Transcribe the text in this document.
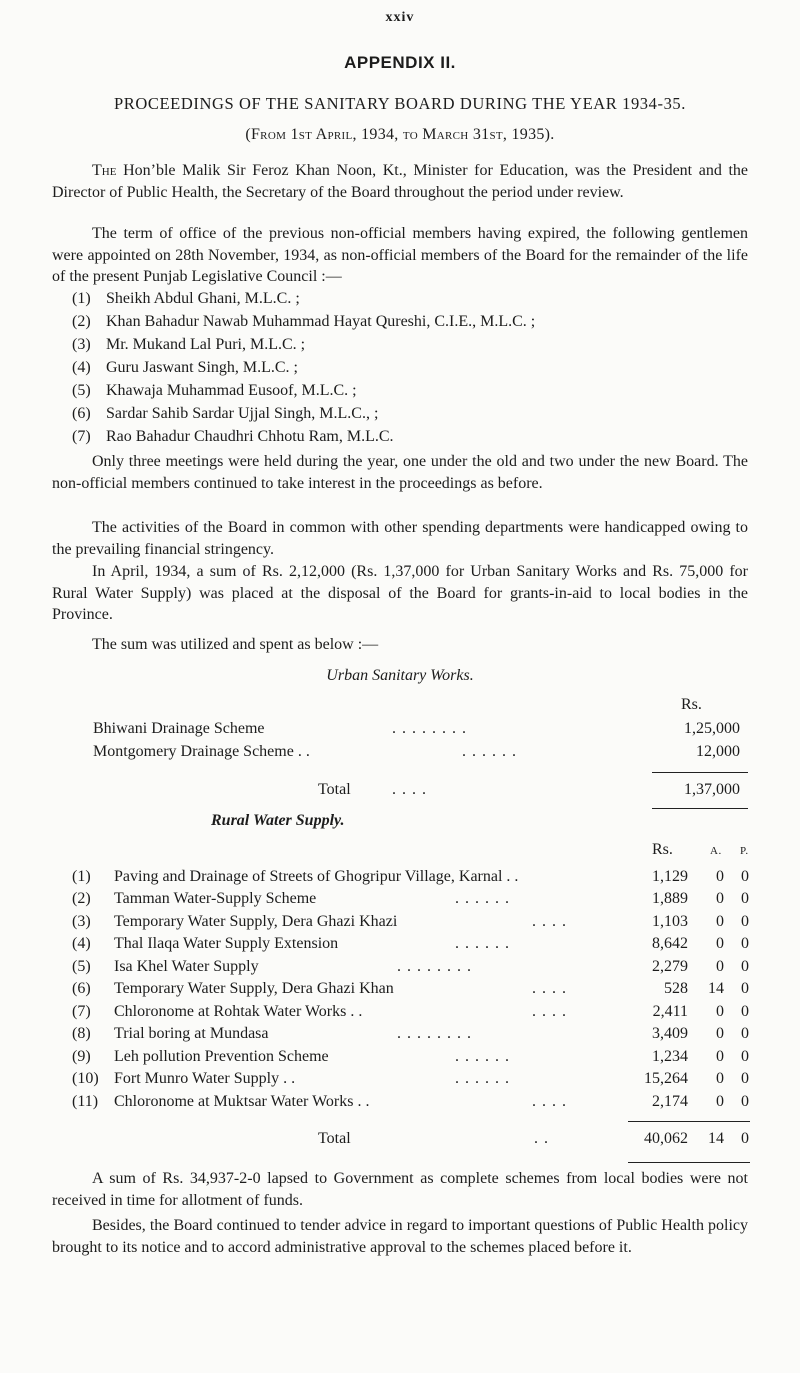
xxiv
APPENDIX II.
PROCEEDINGS OF THE SANITARY BOARD DURING THE YEAR 1934-35.
(From 1st April, 1934, to March 31st, 1935).

The Hon’ble Malik Sir Feroz Khan Noon, Kt., Minister for Education, was the President and the Director of Public Health, the Secretary of the Board throughout the period under review.

The term of office of the previous non-official members having expired, the following gentlemen were appointed on 28th November, 1934, as non-official members of the Board for the remainder of the life of the present Punjab Legislative Council :—

(1) Sheikh Abdul Ghani, M.L.C. ;
(2) Khan Bahadur Nawab Muhammad Hayat Qureshi, C.I.E., M.L.C. ;
(3) Mr. Mukand Lal Puri, M.L.C. ;
(4) Guru Jaswant Singh, M.L.C. ;
(5) Khawaja Muhammad Eusoof, M.L.C. ;
(6) Sardar Sahib Sardar Ujjal Singh, M.L.C., ;
(7) Rao Bahadur Chaudhri Chhotu Ram, M.L.C.

Only three meetings were held during the year, one under the old and two under the new Board. The non-official members continued to take interest in the proceedings as before.

The activities of the Board in common with other spending departments were handicapped owing to the prevailing financial stringency.

In April, 1934, a sum of Rs. 2,12,000 (Rs. 1,37,000 for Urban Sanitary Works and Rs. 75,000 for Rural Water Supply) was placed at the disposal of the Board for grants-in-aid to local bodies in the Province.

The sum was utilized and spent as below :—

Urban Sanitary Works.
Rs.
Bhiwani Drainage Scheme	. . . . . . . .	1,25,000
Montgomery Drainage Scheme . .	. . . . . .	12,000
Total	. . . .	1,37,000
Rural Water Supply.
Rs.	A. P.
(1) Paving and Drainage of Streets of Ghogripur Village, Karnal . .	1,129	0	0
(2) Tamman Water-Supply Scheme	. . . . . .	1,889	0	0
(3) Temporary Water Supply, Dera Ghazi Khazi	. . . .	1,103	0	0
(4) Thal Ilaqa Water Supply Extension	. . . . . .	8,642	0	0
(5) Isa Khel Water Supply	. . . . . . . .	2,279	0	0
(6) Temporary Water Supply, Dera Ghazi Khan	. . . .	528	14	0
(7) Chloronome at Rohtak Water Works . .	. . . .	2,411	0	0
(8) Trial boring at Mundasa	. . . . . . . .	3,409	0	0
(9) Leh pollution Prevention Scheme	. . . . . .	1,234	0	0
(10) Fort Munro Water Supply . .	. . . . . .	15,264	0	0
(11) Chloronome at Muktsar Water Works . .	. . . .	2,174	0	0
Total	. .	40,062	14	0

A sum of Rs. 34,937-2-0 lapsed to Government as complete schemes from local bodies were not received in time for allotment of funds.

Besides, the Board continued to tender advice in regard to important questions of Public Health policy brought to its notice and to accord administrative approval to the schemes placed before it.
